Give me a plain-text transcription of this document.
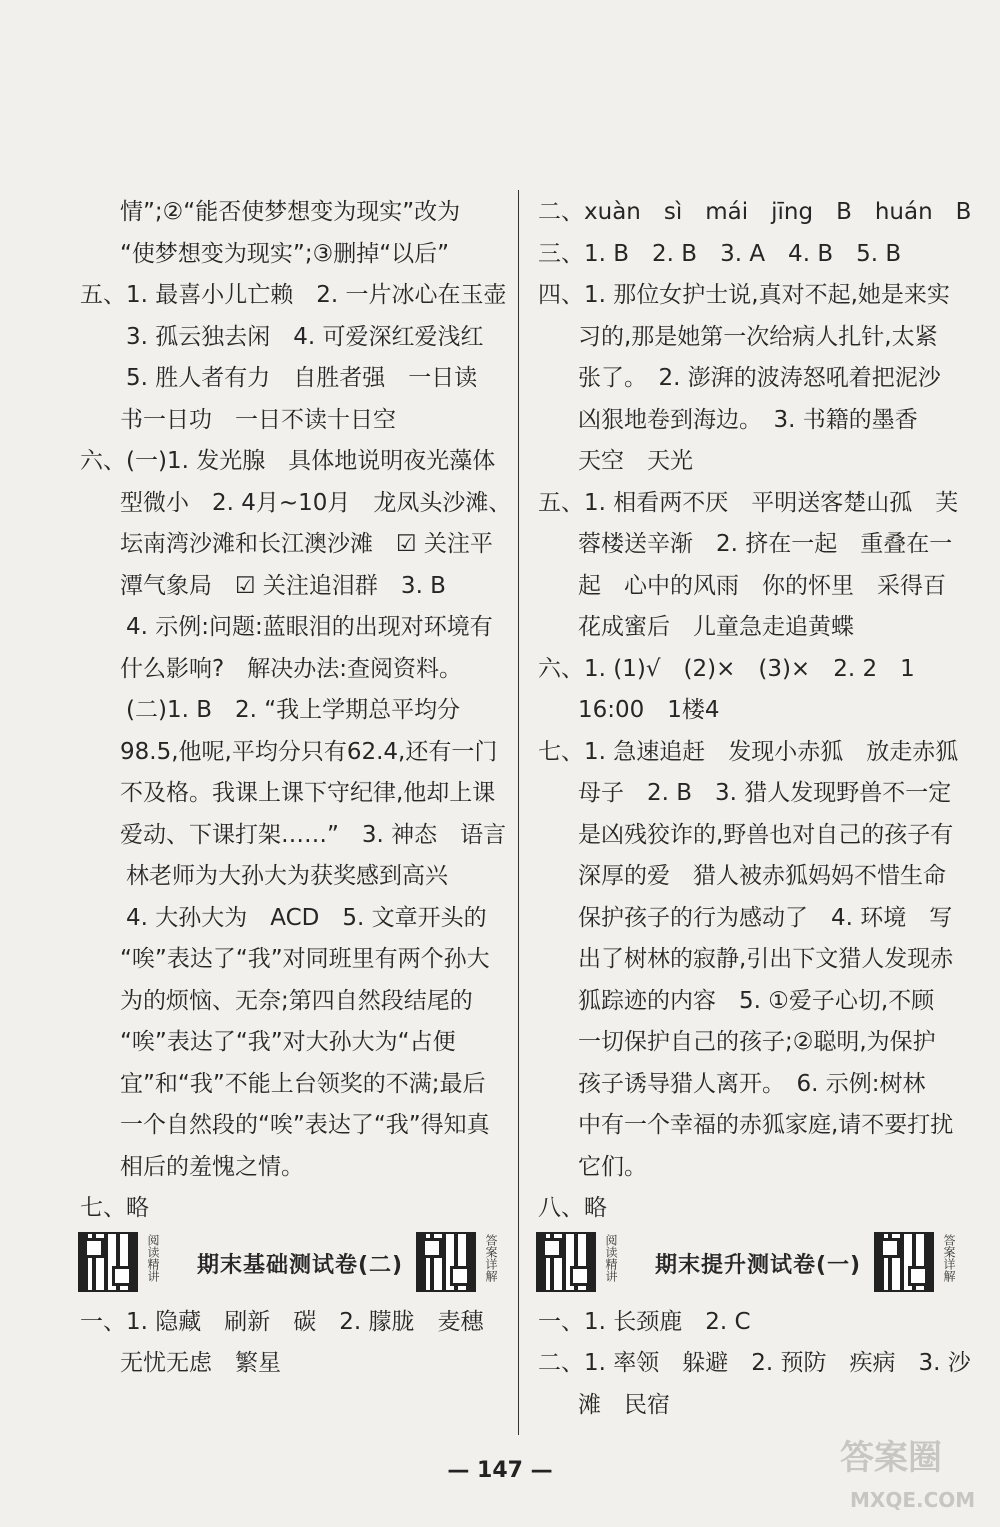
情”;②“能否使梦想变为现实”改为
“使梦想变为现实”;③删掉“以后”
五、1. 最喜小儿亡赖　2. 一片冰心在玉壶
3. 孤云独去闲　4. 可爱深红爱浅红
5. 胜人者有力　自胜者强　一日读
书一日功　一日不读十日空
六、(一)1. 发光腺　具体地说明夜光藻体
型微小　2. 4月~10月　龙凤头沙滩、
坛南湾沙滩和长江澳沙滩　☑ 关注平
潭气象局　☑ 关注追泪群　3. B
4. 示例:问题:蓝眼泪的出现对环境有
什么影响?　解决办法:查阅资料。
(二)1. B　2. “我上学期总平均分
98.5,他呢,平均分只有62.4,还有一门
不及格。我课上课下守纪律,他却上课
爱动、下课打架……”　3. 神态　语言
林老师为大孙大为获奖感到高兴
4. 大孙大为　ACD　5. 文章开头的
“唉”表达了“我”对同班里有两个孙大
为的烦恼、无奈;第四自然段结尾的
“唉”表达了“我”对大孙大为“占便
宜”和“我”不能上台领奖的不满;最后
一个自然段的“唉”表达了“我”得知真
相后的羞愧之情。
七、略
阅读精讲	期末基础测试卷(二)	答案详解
一、1. 隐藏　刷新　碳　2. 朦胧　麦穗
无忧无虑　繁星
二、xuàn　sì　mái　jīng　B　huán　B
三、1. B　2. B　3. A　4. B　5. B
四、1. 那位女护士说,真对不起,她是来实
习的,那是她第一次给病人扎针,太紧
张了。　2. 澎湃的波涛怒吼着把泥沙
凶狠地卷到海边。　3. 书籍的墨香
天空　天光
五、1. 相看两不厌　平明送客楚山孤　芙
蓉楼送辛渐　2. 挤在一起　重叠在一
起　心中的风雨　你的怀里　采得百
花成蜜后　儿童急走追黄蝶
六、1. (1)√　(2)×　(3)×　2. 2　1
16:00　1楼4
七、1. 急速追赶　发现小赤狐　放走赤狐
母子　2. B　3. 猎人发现野兽不一定
是凶残狡诈的,野兽也对自己的孩子有
深厚的爱　猎人被赤狐妈妈不惜生命
保护孩子的行为感动了　4. 环境　写
出了树林的寂静,引出下文猎人发现赤
狐踪迹的内容　5. ①爱子心切,不顾
一切保护自己的孩子;②聪明,为保护
孩子诱导猎人离开。　6. 示例:树林
中有一个幸福的赤狐家庭,请不要打扰
它们。
八、略
阅读精讲	期末提升测试卷(一)	答案详解
一、1. 长颈鹿　2. C
二、1. 率领　躲避　2. 预防　疾病　3. 沙
滩　民宿
— 147 —	答案圈
MXQE.COM
